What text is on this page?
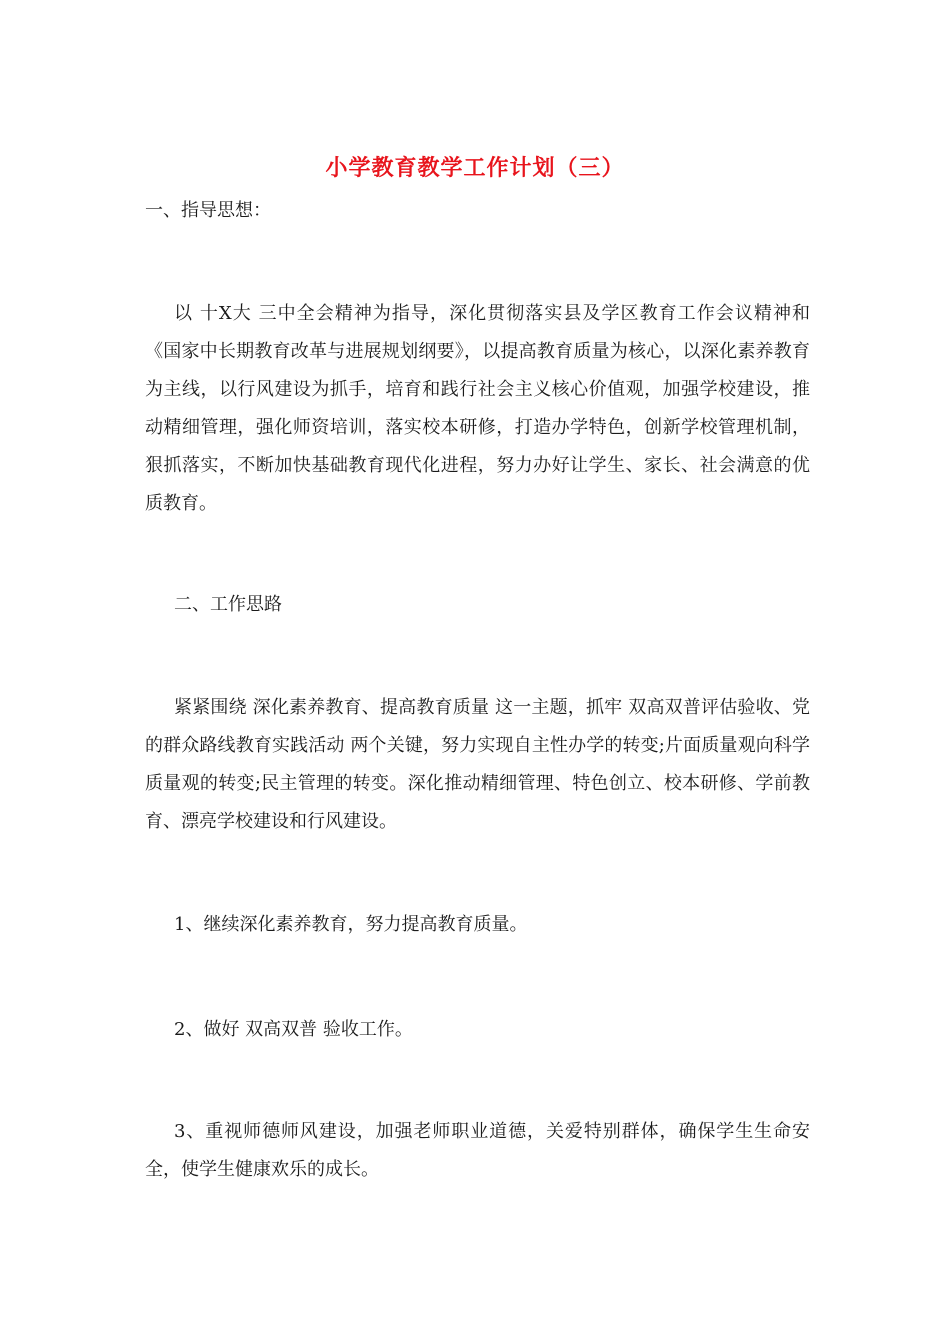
小学教育教学工作计划（三）

一、指导思想：

以 十X大 三中全会精神为指导，深化贯彻落实县及学区教育工作会议精神和《国家中长期教育改革与进展规划纲要》，以提高教育质量为核心，以深化素养教育为主线，以行风建设为抓手，培育和践行社会主义核心价值观，加强学校建设，推动精细管理，强化师资培训，落实校本研修，打造办学特色，创新学校管理机制，狠抓落实，不断加快基础教育现代化进程，努力办好让学生、家长、社会满意的优质教育。

二、工作思路

紧紧围绕 深化素养教育、提高教育质量 这一主题，抓牢 双高双普评估验收、党的群众路线教育实践活动 两个关键，努力实现自主性办学的转变;片面质量观向科学质量观的转变;民主管理的转变。深化推动精细管理、特色创立、校本研修、学前教育、漂亮学校建设和行风建设。

1、继续深化素养教育，努力提高教育质量。

2、做好 双高双普 验收工作。

3、重视师德师风建设，加强老师职业道德，关爱特别群体，确保学生生命安全，使学生健康欢乐的成长。
